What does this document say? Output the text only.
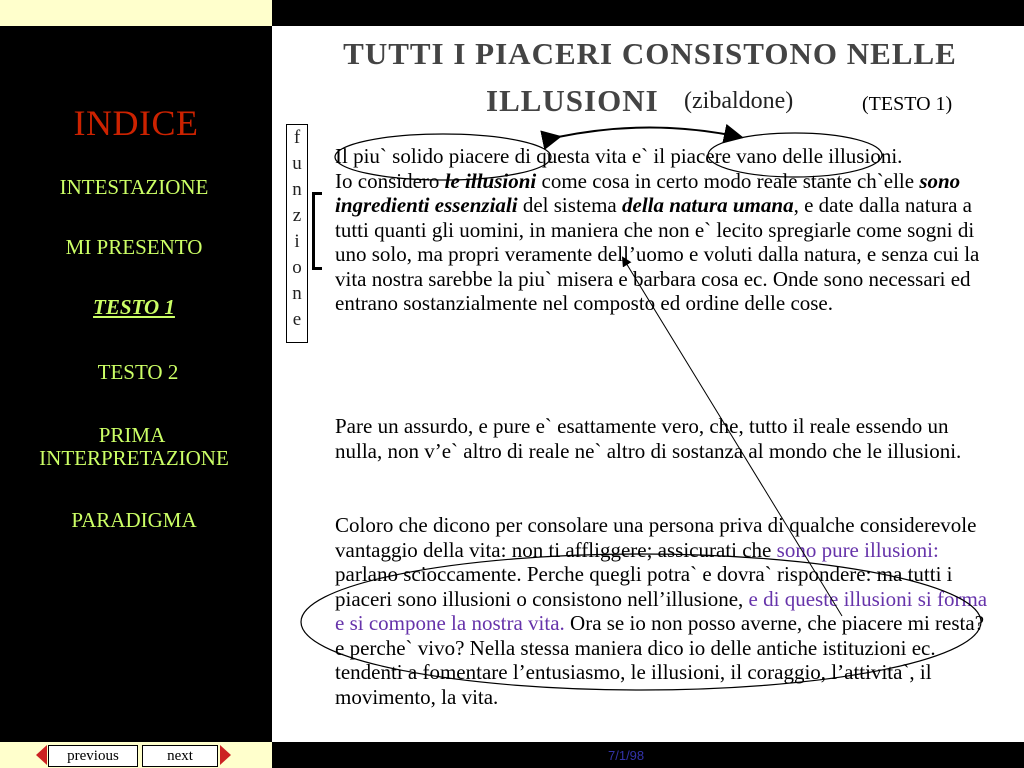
INDICE
INTESTAZIONE
MI PRESENTO
TESTO 1
TESTO 2
PRIMA
INTERPRETAZIONE
PARADIGMA
previous	next	7/1/98
TUTTI I PIACERI CONSISTONO NELLE
ILLUSIONI (zibaldone)	(TESTO 1)
f
u
n
z
i
o
n
e
Il piu` solido piacere di questa vita e` il piacere vano delle illusioni.
Io considero le illusioni come cosa in certo modo reale stante ch`elle sono ingredienti essenziali del sistema della natura umana, e date dalla natura a tutti quanti gli uomini, in maniera che non e` lecito spregiarle come sogni di uno solo, ma propri veramente dell’uomo e voluti dalla natura, e senza cui la vita nostra sarebbe la piu` misera e barbara cosa ec. Onde sono necessari ed entrano sostanzialmente nel composto ed ordine delle cose.
Pare un assurdo, e pure e` esattamente vero, che, tutto il reale essendo un nulla, non v’e` altro di reale ne` altro di sostanza al mondo che le illusioni.
Coloro che dicono per consolare una persona priva di qualche considerevole vantaggio della vita: non ti affliggere; assicurati che sono pure illusioni: parlano scioccamente. Perche quegli potra` e dovra` rispondere: ma tutti i piaceri sono illusioni o consistono nell’illusione, e di queste illusioni si forma e si compone la nostra vita. Ora se io non posso averne, che piacere mi resta? e perche` vivo? Nella stessa maniera dico io delle antiche istituzioni ec. tendenti a fomentare l’entusiasmo, le illusioni, il coraggio, l’attivita`, il movimento, la vita.
